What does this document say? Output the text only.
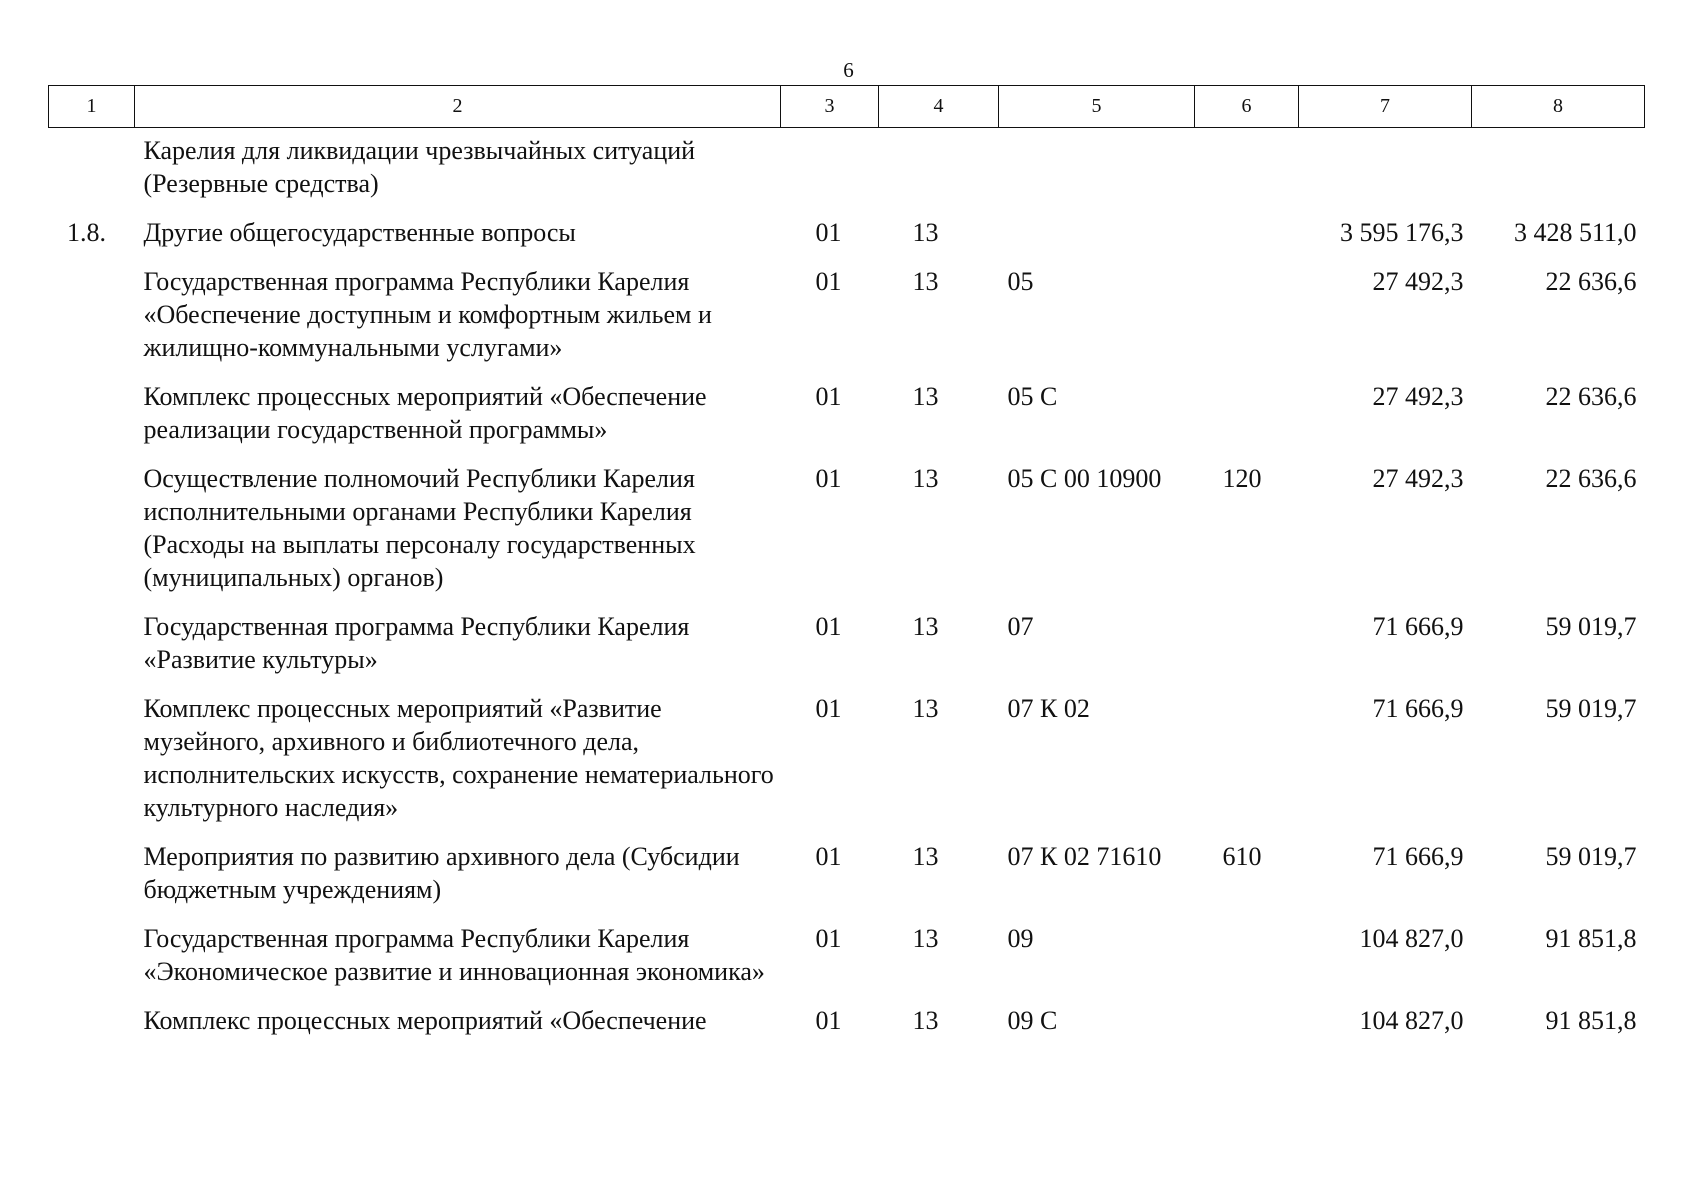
6
1	2	3	4	5	6	7	8
	Карелия для ликвидации чрезвычайных ситуаций (Резервные средства)						
1.8.	Другие общегосударственные вопросы	01	13			3 595 176,3	3 428 511,0
	Государственная программа Республики Карелия «Обеспечение доступным и комфортным жильем и жилищно-коммунальными услугами»	01	13	05		27 492,3	22 636,6
	Комплекс процессных мероприятий «Обеспечение реализации государственной программы»	01	13	05 С		27 492,3	22 636,6
	Осуществление полномочий Республики Карелия исполнительными органами Республики Карелия (Расходы на выплаты персоналу государственных (муниципальных) органов)	01	13	05 С 00 10900	120	27 492,3	22 636,6
	Государственная программа Республики Карелия «Развитие культуры»	01	13	07		71 666,9	59 019,7
	Комплекс процессных мероприятий «Развитие музейного, архивного и библиотечного дела, исполнительских искусств, сохранение нематериального культурного наследия»	01	13	07 К 02		71 666,9	59 019,7
	Мероприятия по развитию архивного дела (Субсидии бюджетным учреждениям)	01	13	07 К 02 71610	610	71 666,9	59 019,7
	Государственная программа Республики Карелия «Экономическое развитие и инновационная экономика»	01	13	09		104 827,0	91 851,8
	Комплекс процессных мероприятий «Обеспечение	01	13	09 С		104 827,0	91 851,8
